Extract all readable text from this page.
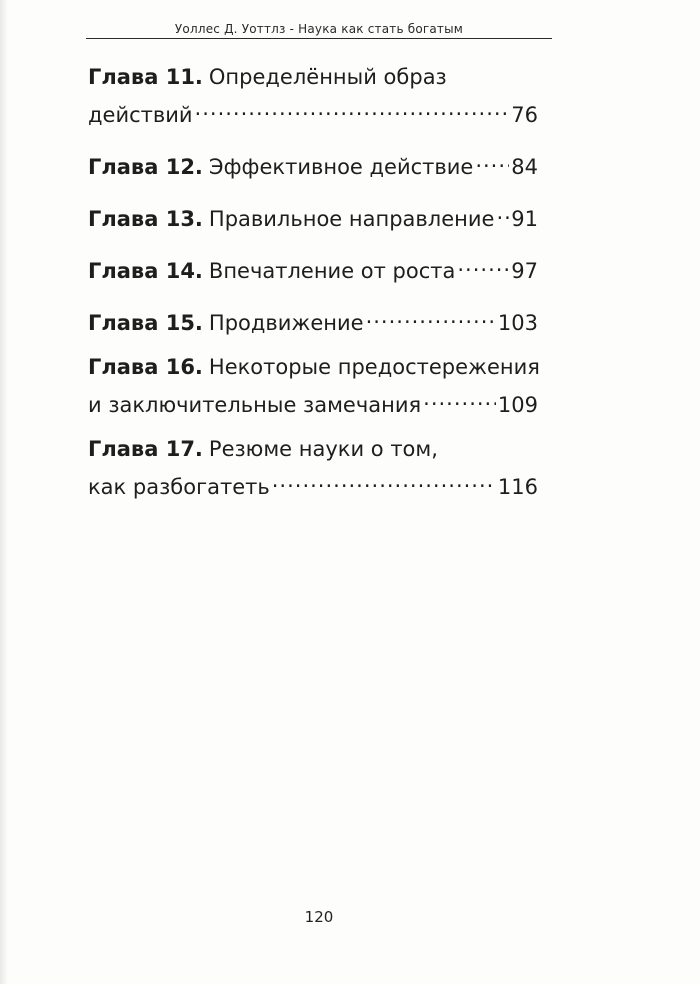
Уоллес Д. Уоттлз - Наука как стать богатым
Глава 11. Определённый образ
действий .....	76
Глава 12. Эффективное действие ..... 84
Глава 13. Правильное направление ..... 91
Глава 14. Впечатление от роста .....	97
Глава 15. Продвижение .....	103
Глава 16. Некоторые предостережения
и заключительные замечания .....	109
Глава 17. Резюме науки о том,
как разбогатеть .....	116
120
